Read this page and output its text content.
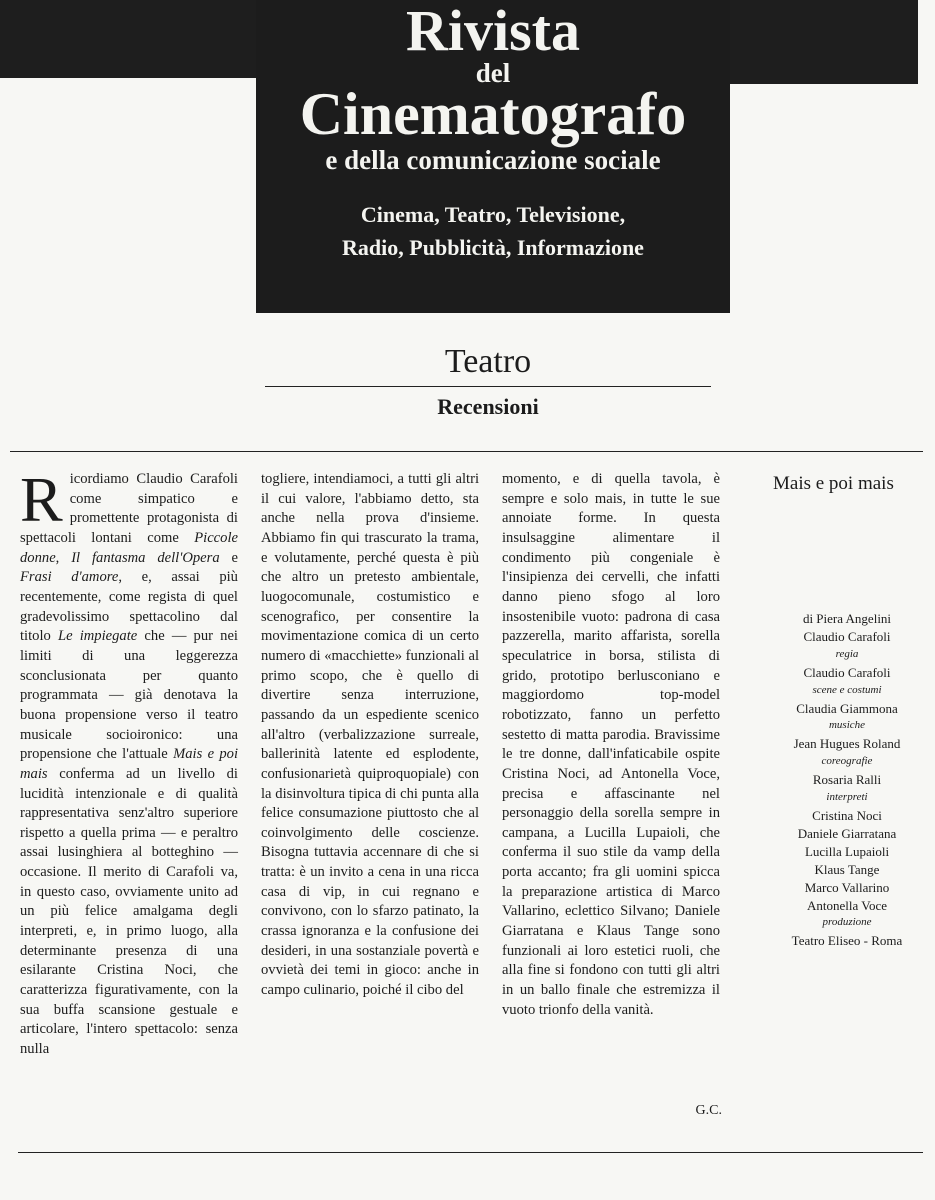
Rivista
del
Cinematografo
e della comunicazione sociale
Cinema, Teatro, Televisione,
Radio, Pubblicità, Informazione
Teatro
Recensioni

Ricordiamo Claudio Carafoli come simpatico e promettente protagonista di spettacoli lontani come Piccole donne, Il fantasma dell'Opera e Frasi d'amore, e, assai più recentemente, come regista di quel gradevolissimo spettacolino dal titolo Le impiegate che — pur nei limiti di una leggerezza sconclusionata per quanto programmata — già denotava la buona propensione verso il teatro musicale socioironico: una propensione che l'attuale Mais e poi mais conferma ad un livello di lucidità intenzionale e di qualità rappresentativa senz'altro superiore rispetto a quella prima — e peraltro assai lusinghiera al botteghino — occasione. Il merito di Carafoli va, in questo caso, ovviamente unito ad un più felice amalgama degli interpreti, e, in primo luogo, alla determinante presenza di una esilarante Cristina Noci, che caratterizza figurativamente, con la sua buffa scansione gestuale e articolare, l'intero spettacolo: senza nulla

togliere, intendiamoci, a tutti gli altri il cui valore, l'abbiamo detto, sta anche nella prova d'insieme. Abbiamo fin qui trascurato la trama, e volutamente, perché questa è più che altro un pretesto ambientale, luogocomunale, costumistico e scenografico, per consentire la movimentazione comica di un certo numero di «macchiette» funzionali al primo scopo, che è quello di divertire senza interruzione, passando da un espediente scenico all'altro (verbalizzazione surreale, ballerinità latente ed esplodente, confusionarietà quiproquopiale) con la disinvoltura tipica di chi punta alla felice consumazione piuttosto che al coinvolgimento delle coscienze. Bisogna tuttavia accennare di che si tratta: è un invito a cena in una ricca casa di vip, in cui regnano e convivono, con lo sfarzo patinato, la crassa ignoranza e la confusione dei desideri, in una sostanziale povertà e ovvietà dei temi in gioco: anche in campo culinario, poiché il cibo del

momento, e di quella tavola, è sempre e solo mais, in tutte le sue annoiate forme. In questa insulsaggine alimentare il condimento più congeniale è l'insipienza dei cervelli, che infatti danno pieno sfogo al loro insostenibile vuoto: padrona di casa pazzerella, marito affarista, sorella speculatrice in borsa, stilista di grido, prototipo berlusconiano e maggiordomo top-model robotizzato, fanno un perfetto sestetto di matta parodia. Bravissime le tre donne, dall'infaticabile ospite Cristina Noci, ad Antonella Voce, precisa e affascinante nel personaggio della sorella sempre in campana, a Lucilla Lupaioli, che conferma il suo stile da vamp della porta accanto; fra gli uomini spicca la preparazione artistica di Marco Vallarino, eclettico Silvano; Daniele Giarratana e Klaus Tange sono funzionali ai loro estetici ruoli, che alla fine si fondono con tutti gli altri in un ballo finale che estremizza il vuoto trionfo della vanità.

G.C.
Mais e poi mais
di Piera Angelini
Claudio Carafoli
regia
Claudio Carafoli
scene e costumi
Claudia Giammona
musiche
Jean Hugues Roland
coreografie
Rosaria Ralli
interpreti
Cristina Noci
Daniele Giarratana
Lucilla Lupaioli
Klaus Tange
Marco Vallarino
Antonella Voce
produzione
Teatro Eliseo - Roma
